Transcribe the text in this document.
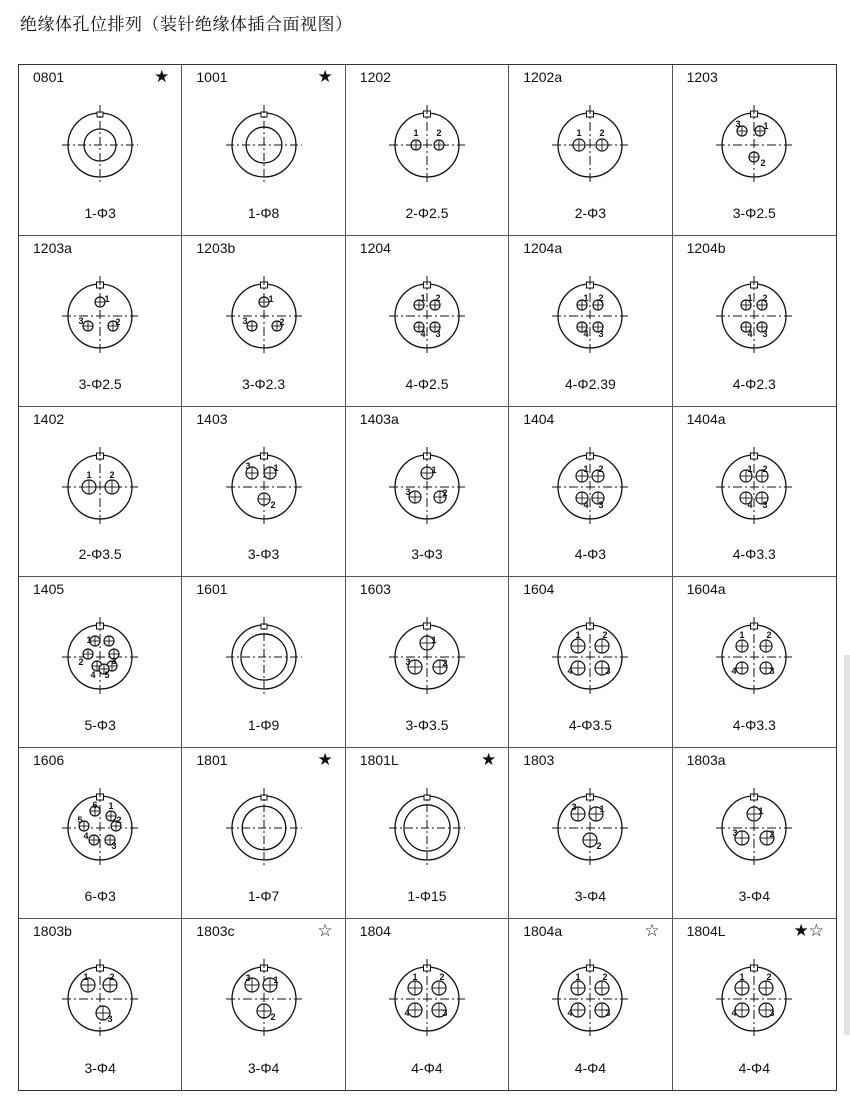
绝缘体孔位排列（装针绝缘体插合面视图）
0801	★
1-Φ3
1001	★
1-Φ8
1202
1 2
2-Φ2.5
1202a
1 2
2-Φ3
1203
3	1
2
3-Φ2.5
1203a
1
3	2
3-Φ2.5
1203b
1
3	2
3-Φ2.3
1204
1 2
4 3
4-Φ2.5
1204a
1 2
4 3
4-Φ2.39
1204b
1 2
4 3
4-Φ2.3
1402
1 2
2-Φ3.5
1403
3	1
2
3-Φ3
1403a
1
3	2
3-Φ3
1404
1 2
4 3
4-Φ3
1404a
1 2
4 3
4-Φ3.3
1405
1
2
4
3
5
5-Φ3
1601
1-Φ9
1603
1
3	2
3-Φ3.5
1604
1 2
4	3
4-Φ3.5
1604a
1 2
4	3
4-Φ3.3
1606
6 1
5	2
4
3
6-Φ3
1801	★
1-Φ7
1801L	★
1-Φ15
1803
3	1
2
3-Φ4
1803a
1
3	2
3-Φ4
1803b
1 2
3
3-Φ4
1803c	☆
3	1
2
3-Φ4
1804
1 2
4	3
4-Φ4
1804a	☆
1 2
4	3
4-Φ4
1804L	★☆
1 2
4	3
4-Φ4
